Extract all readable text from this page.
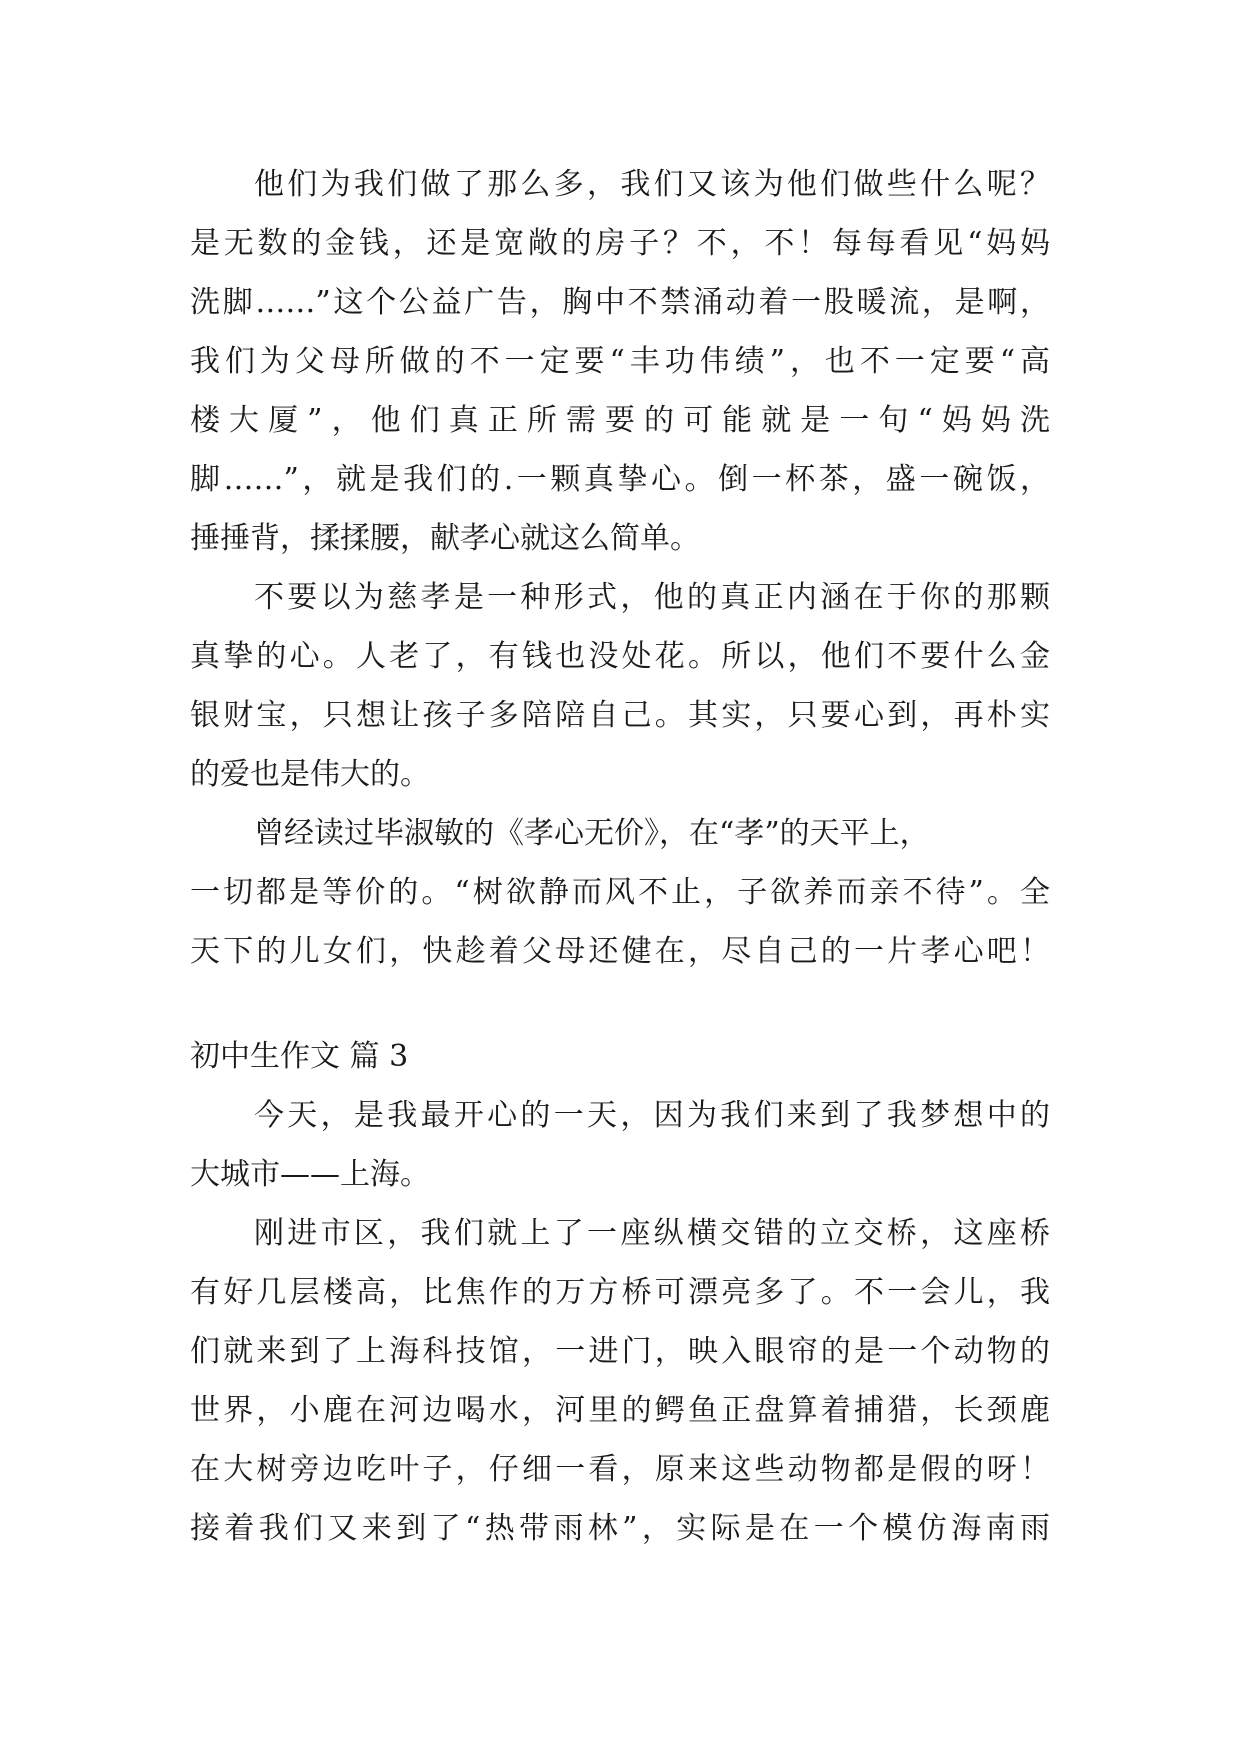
他们为我们做了那么多，我们又该为他们做些什么呢？
是无数的金钱，还是宽敞的房子？不，不！每每看见“妈妈
洗脚……”这个公益广告，胸中不禁涌动着一股暖流，是啊，
我们为父母所做的不一定要“丰功伟绩”，也不一定要“高
楼大厦”，他们真正所需要的可能就是一句“妈妈洗
脚……”，就是我们的.一颗真挚心。倒一杯茶，盛一碗饭，
捶捶背，揉揉腰，献孝心就这么简单。
不要以为慈孝是一种形式，他的真正内涵在于你的那颗
真挚的心。人老了，有钱也没处花。所以，他们不要什么金
银财宝，只想让孩子多陪陪自己。其实，只要心到，再朴实
的爱也是伟大的。
曾经读过毕淑敏的《孝心无价》，在“孝”的天平上，
一切都是等价的。“树欲静而风不止，子欲养而亲不待”。全
天下的儿女们，快趁着父母还健在，尽自己的一片孝心吧！
初中生作文 篇 3
今天，是我最开心的一天，因为我们来到了我梦想中的
大城市——上海。
刚进市区，我们就上了一座纵横交错的立交桥，这座桥
有好几层楼高，比焦作的万方桥可漂亮多了。不一会儿，我
们就来到了上海科技馆，一进门，映入眼帘的是一个动物的
世界，小鹿在河边喝水，河里的鳄鱼正盘算着捕猎，长颈鹿
在大树旁边吃叶子，仔细一看，原来这些动物都是假的呀！
接着我们又来到了“热带雨林”，实际是在一个模仿海南雨
